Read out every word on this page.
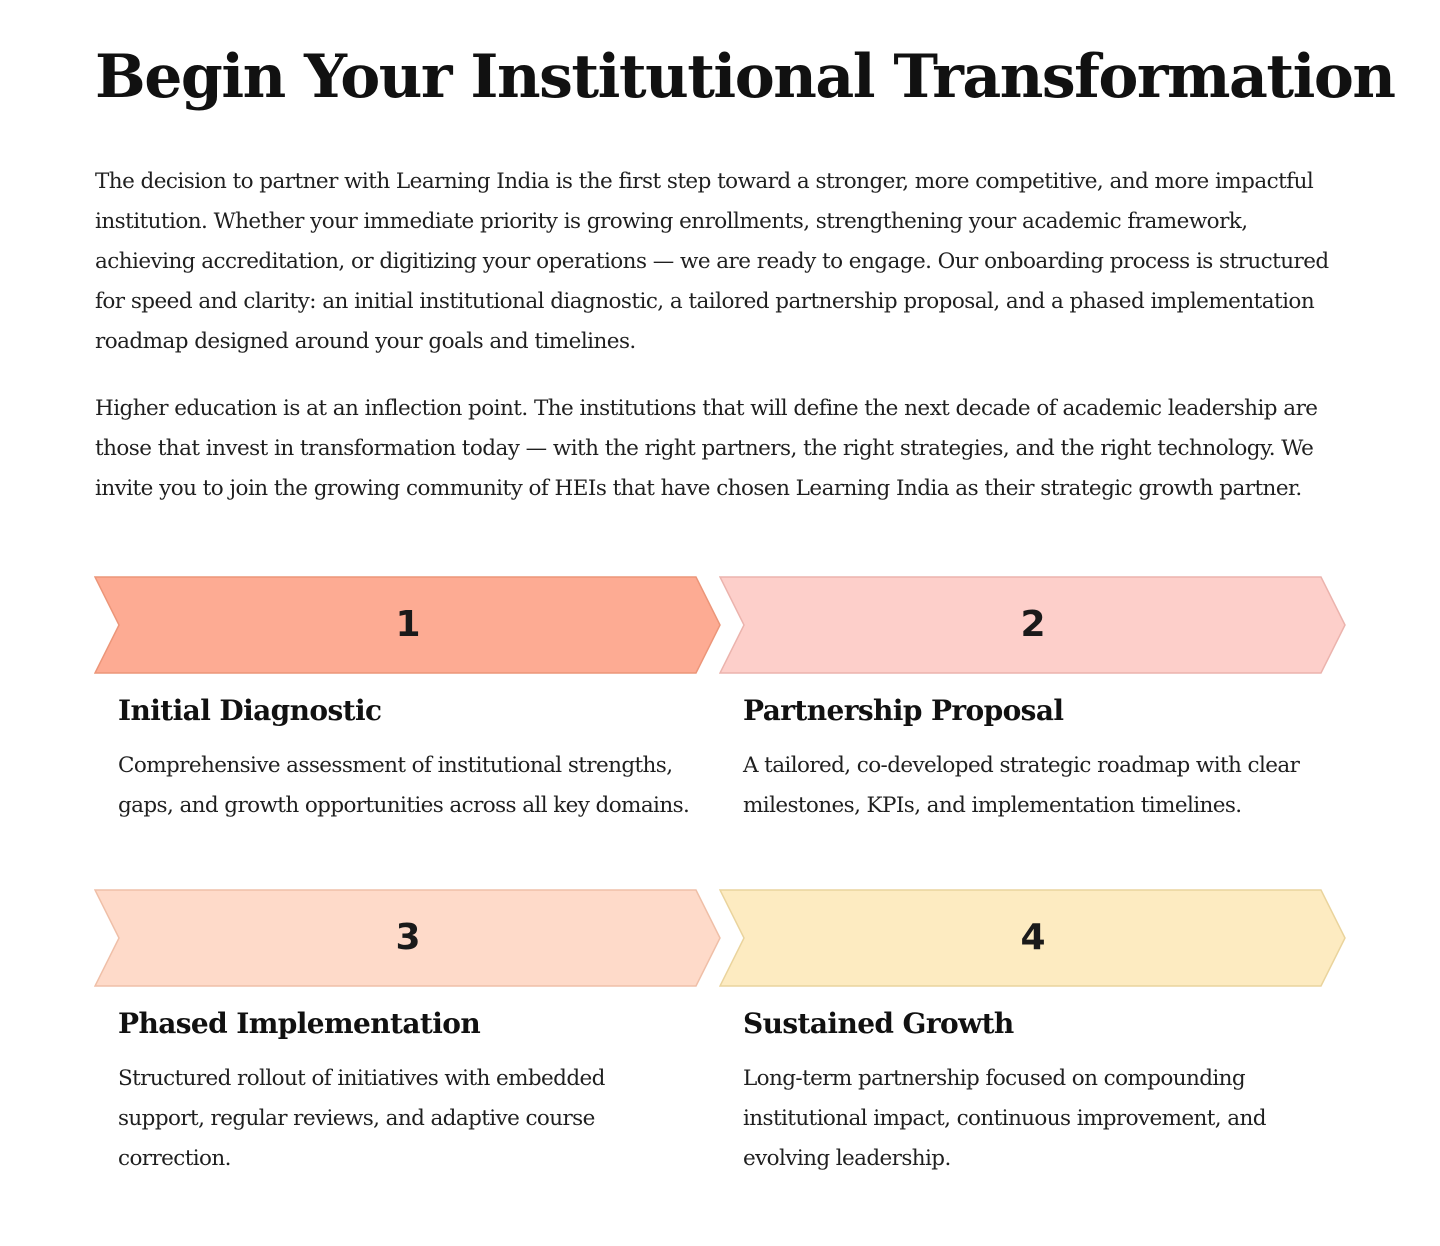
Begin Your Institutional Transformation

The decision to partner with Learning India is the first step toward a stronger, more competitive, and more impactful institution. Whether your immediate priority is growing enrollments, strengthening your academic framework, achieving accreditation, or digitizing your operations — we are ready to engage. Our onboarding process is structured for speed and clarity: an initial institutional diagnostic, a tailored partnership proposal, and a phased implementation roadmap designed around your goals and timelines.

Higher education is at an inflection point. The institutions that will define the next decade of academic leadership are those that invest in transformation today — with the right partners, the right strategies, and the right technology. We invite you to join the growing community of HEIs that have chosen Learning India as their strategic growth partner.

1
Initial Diagnostic

Comprehensive assessment of institutional strengths, gaps, and growth opportunities across all key domains.

2
Partnership Proposal

A tailored, co-developed strategic roadmap with clear milestones, KPIs, and implementation timelines.

3
Phased Implementation

Structured rollout of initiatives with embedded support, regular reviews, and adaptive course correction.

4
Sustained Growth

Long-term partnership focused on compounding institutional impact, continuous improvement, and evolving leadership.
